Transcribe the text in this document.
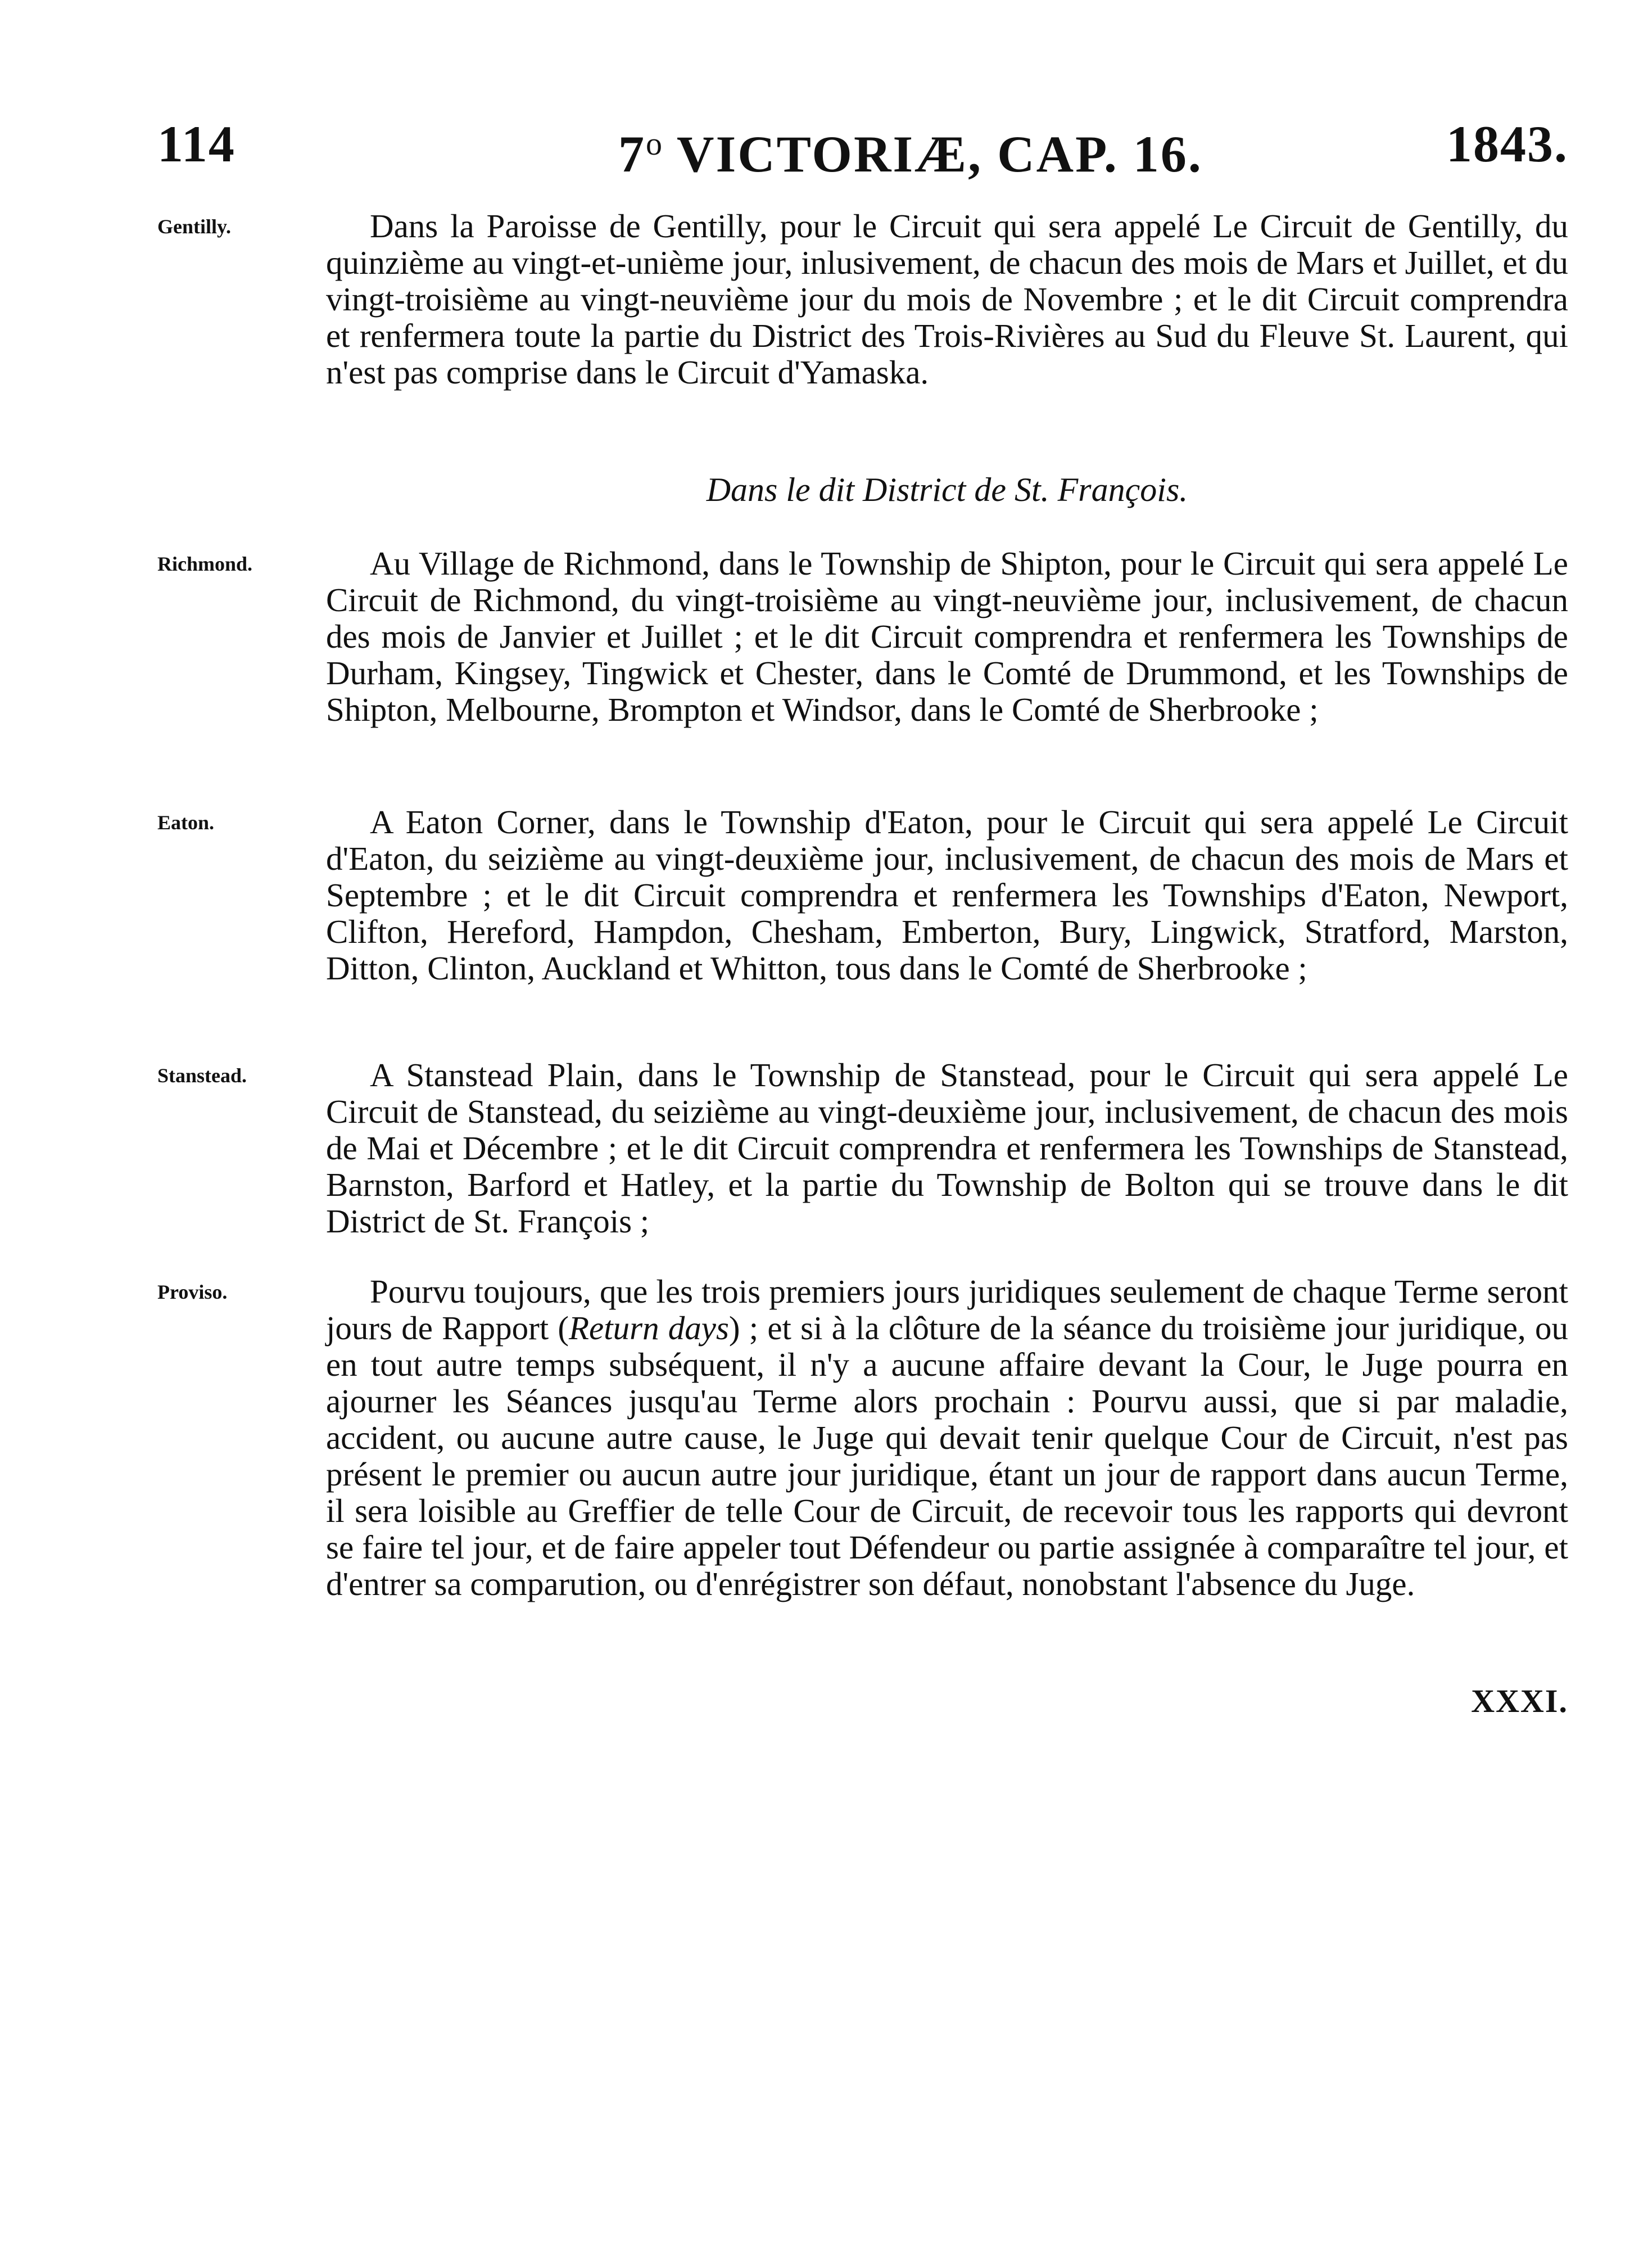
114	7$^o$ VICTORIÆ, CAP. 16.	1843.
Gentilly.	Dans la Paroisse de Gentilly, pour le Circuit qui sera appelé Le Circuit de Gentilly, du quinzième au vingt-et-unième jour, inlusivement, de chacun des mois de Mars et Juillet, et du vingt-troisième au vingt-neuvième jour du mois de Novembre ; et le dit Circuit comprendra et renfermera toute la partie du District des Trois-Rivières au Sud du Fleuve St. Laurent, qui n'est pas comprise dans le Circuit d'Yamaska.

Dans le dit District de St. François.
Richmond.	Au Village de Richmond, dans le Township de Shipton, pour le Circuit qui sera appelé Le Circuit de Richmond, du vingt-troisième au vingt-neuvième jour, inclusivement, de chacun des mois de Janvier et Juillet ; et le dit Circuit comprendra et renfermera les Townships de Durham, Kingsey, Tingwick et Chester, dans le Comté de Drummond, et les Townships de Shipton, Melbourne, Brompton et Windsor, dans le Comté de Sherbrooke ;

Eaton.	A Eaton Corner, dans le Township d'Eaton, pour le Circuit qui sera appelé Le Circuit d'Eaton, du seizième au vingt-deuxième jour, inclusivement, de chacun des mois de Mars et Septembre ; et le dit Circuit comprendra et renfermera les Townships d'Eaton, Newport, Clifton, Hereford, Hampdon, Chesham, Emberton, Bury, Lingwick, Stratford, Marston, Ditton, Clinton, Auckland et Whitton, tous dans le Comté de Sherbrooke ;

Stanstead.	A Stanstead Plain, dans le Township de Stanstead, pour le Circuit qui sera appelé Le Circuit de Stanstead, du seizième au vingt-deuxième jour, inclusivement, de chacun des mois de Mai et Décembre ; et le dit Circuit comprendra et renfermera les Townships de Stanstead, Barnston, Barford et Hatley, et la partie du Township de Bolton qui se trouve dans le dit District de St. François ;

Proviso.	Pourvu toujours, que les trois premiers jours juridiques seulement de chaque Terme seront jours de Rapport (Return days) ; et si à la clôture de la séance du troisième jour juridique, ou en tout autre temps subséquent, il n'y a aucune affaire devant la Cour, le Juge pourra en ajourner les Séances jusqu'au Terme alors prochain : Pourvu aussi, que si par maladie, accident, ou aucune autre cause, le Juge qui devait tenir quelque Cour de Circuit, n'est pas présent le premier ou aucun autre jour juridique, étant un jour de rapport dans aucun Terme, il sera loisible au Greffier de telle Cour de Circuit, de recevoir tous les rapports qui devront se faire tel jour, et de faire appeler tout Défendeur ou partie assignée à comparaître tel jour, et d'entrer sa comparution, ou d'enrégistrer son défaut, nonobstant l'absence du Juge.

XXXI.
